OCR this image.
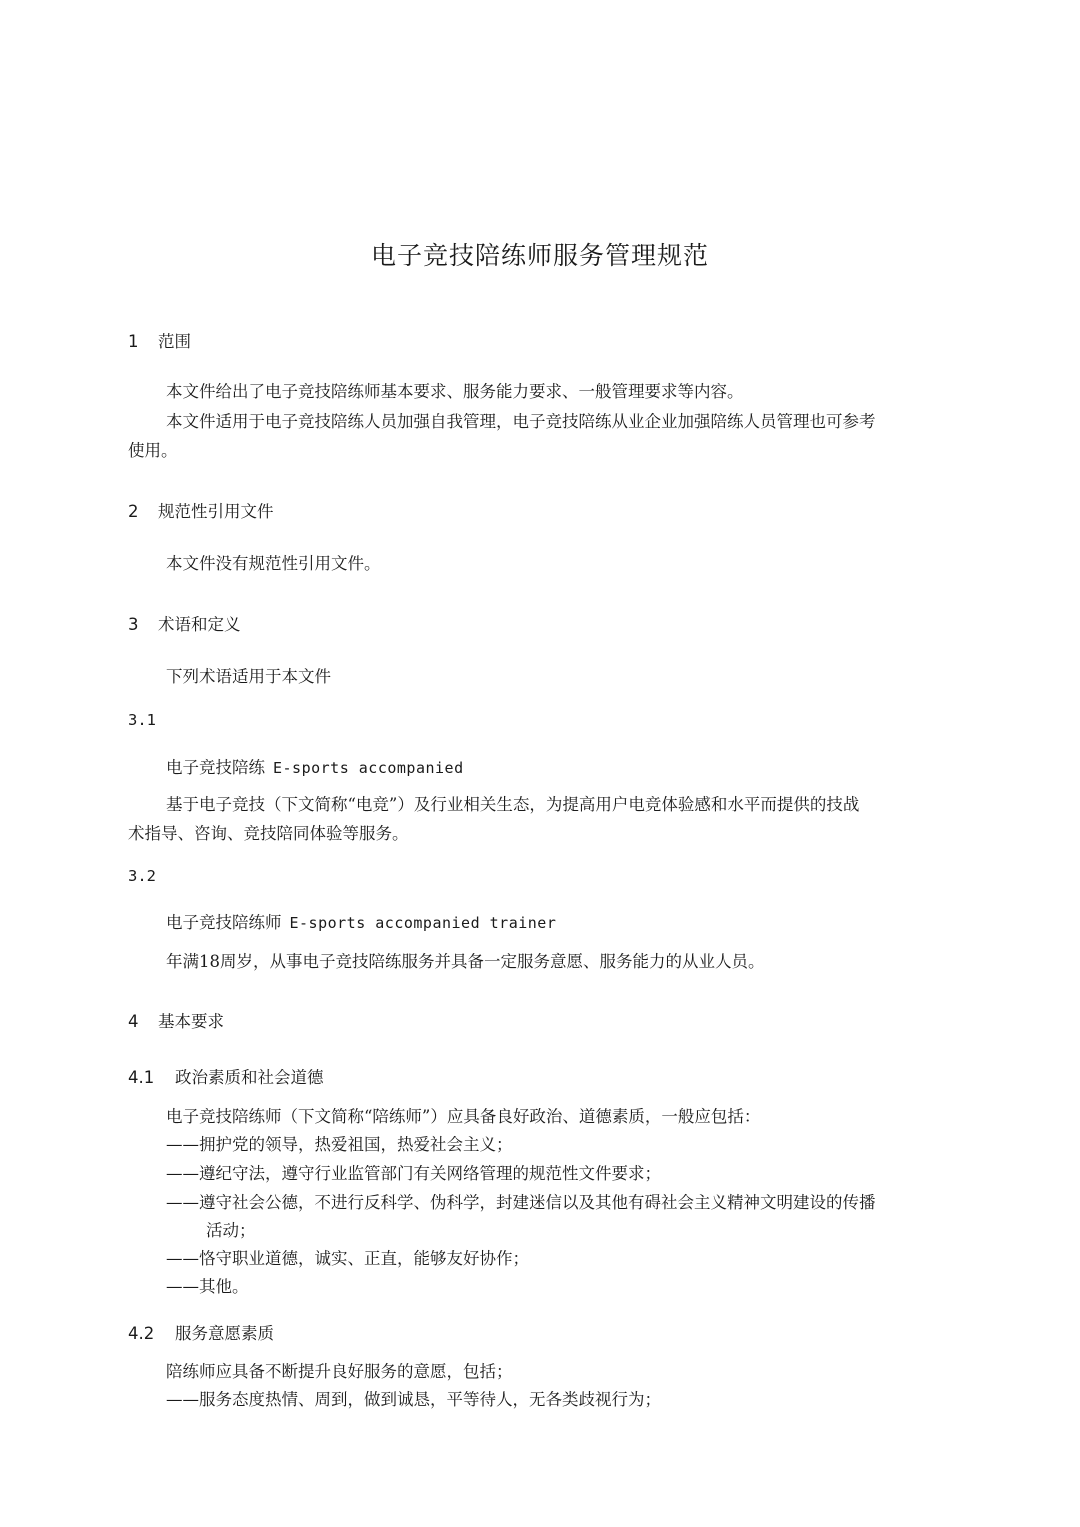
电子竞技陪练师服务管理规范
1 范围
本文件给出了电子竞技陪练师基本要求、服务能力要求、一般管理要求等内容。
本文件适用于电子竞技陪练人员加强自我管理，电子竞技陪练从业企业加强陪练人员管理也可参考
使用。
2 规范性引用文件
本文件没有规范性引用文件。
3 术语和定义
下列术语适用于本文件
3.1
电子竞技陪练 E-sports accompanied
基于电子竞技（下文简称“电竞”）及行业相关生态，为提高用户电竞体验感和水平而提供的技战
术指导、咨询、竞技陪同体验等服务。
3.2
电子竞技陪练师 E-sports accompanied trainer
年满18周岁，从事电子竞技陪练服务并具备一定服务意愿、服务能力的从业人员。
4 基本要求
4.1 政治素质和社会道德
电子竞技陪练师（下文简称“陪练师”）应具备良好政治、道德素质，一般应包括：
——拥护党的领导，热爱祖国，热爱社会主义；
——遵纪守法，遵守行业监管部门有关网络管理的规范性文件要求；
——遵守社会公德，不进行反科学、伪科学，封建迷信以及其他有碍社会主义精神文明建设的传播
活动；
——恪守职业道德，诚实、正直，能够友好协作；
——其他。
4.2 服务意愿素质
陪练师应具备不断提升良好服务的意愿，包括；
——服务态度热情、周到，做到诚恳，平等待人，无各类歧视行为；
